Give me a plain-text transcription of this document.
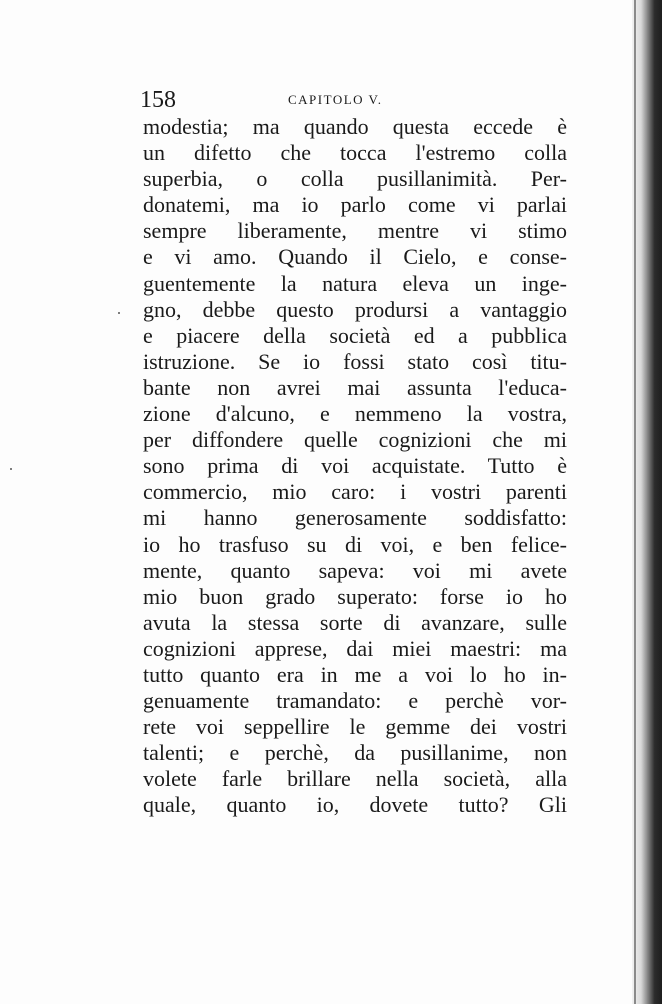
158	CAPITOLO V.
modestia; ma quando questa eccede è
un difetto che tocca l'estremo colla
superbia, o colla pusillanimità. Per-
donatemi, ma io parlo come vi parlai
sempre liberamente, mentre vi stimo
e vi amo. Quando il Cielo, e conse-
guentemente la natura eleva un inge-
gno, debbe questo prodursi a vantaggio
e piacere della società ed a pubblica
istruzione. Se io fossi stato così titu-
bante non avrei mai assunta l'educa-
zione d'alcuno, e nemmeno la vostra,
per diffondere quelle cognizioni che mi
sono prima di voi acquistate. Tutto è
commercio, mio caro: i vostri parenti
mi hanno generosamente soddisfatto:
io ho trasfuso su di voi, e ben felice-
mente, quanto sapeva: voi mi avete
mio buon grado superato: forse io ho
avuta la stessa sorte di avanzare, sulle
cognizioni apprese, dai miei maestri: ma
tutto quanto era in me a voi lo ho in-
genuamente tramandato: e perchè vor-
rete voi seppellire le gemme dei vostri
talenti; e perchè, da pusillanime, non
volete farle brillare nella società, alla
quale, quanto io, dovete tutto? Gli
